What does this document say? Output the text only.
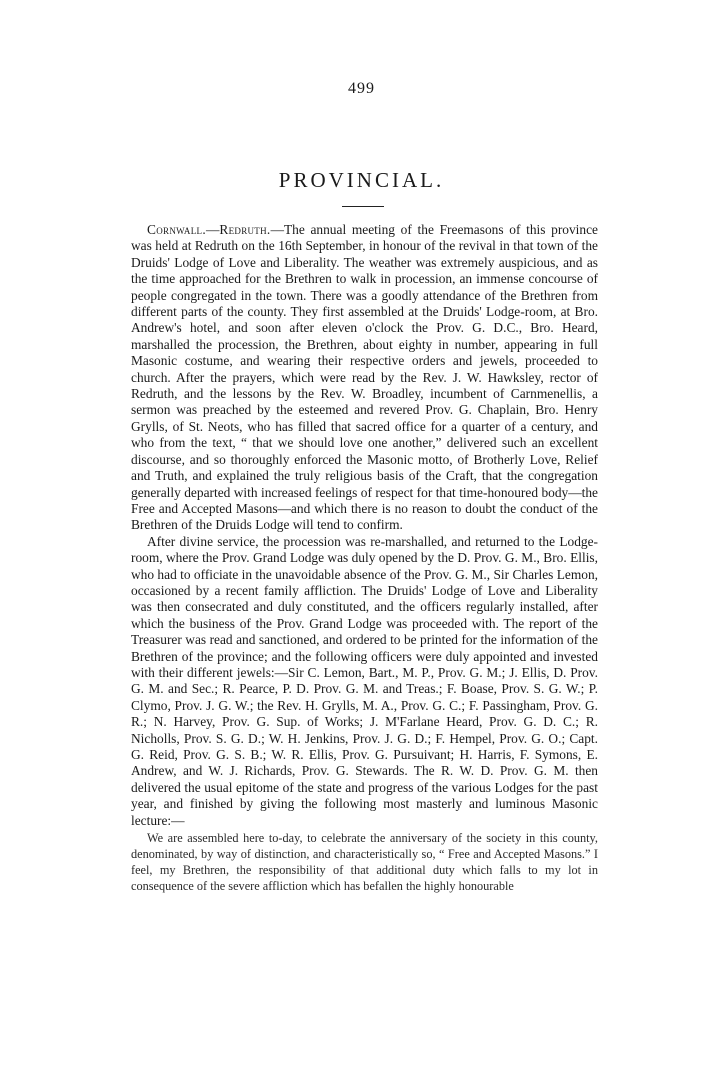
499
PROVINCIAL.

Cornwall.—Redruth.—The annual meeting of the Freemasons of this province was held at Redruth on the 16th September, in honour of the revival in that town of the Druids' Lodge of Love and Liberality. The weather was extremely auspicious, and as the time approached for the Brethren to walk in procession, an immense concourse of people congregated in the town. There was a goodly attendance of the Brethren from different parts of the county. They first assembled at the Druids' Lodge-room, at Bro. Andrew's hotel, and soon after eleven o'clock the Prov. G. D.C., Bro. Heard, marshalled the procession, the Brethren, about eighty in number, appearing in full Masonic costume, and wearing their respective orders and jewels, proceeded to church. After the prayers, which were read by the Rev. J. W. Hawksley, rector of Redruth, and the lessons by the Rev. W. Broadley, incumbent of Carnmenellis, a sermon was preached by the esteemed and revered Prov. G. Chaplain, Bro. Henry Grylls, of St. Neots, who has filled that sacred office for a quarter of a century, and who from the text, “ that we should love one another,” delivered such an excellent discourse, and so thoroughly enforced the Masonic motto, of Brotherly Love, Relief and Truth, and explained the truly religious basis of the Craft, that the congregation generally departed with increased feelings of respect for that time-honoured body—the Free and Accepted Masons—and which there is no reason to doubt the conduct of the Brethren of the Druids Lodge will tend to confirm.

After divine service, the procession was re-marshalled, and returned to the Lodge-room, where the Prov. Grand Lodge was duly opened by the D. Prov. G. M., Bro. Ellis, who had to officiate in the unavoidable absence of the Prov. G. M., Sir Charles Lemon, occasioned by a recent family affliction. The Druids' Lodge of Love and Liberality was then consecrated and duly constituted, and the officers regularly installed, after which the business of the Prov. Grand Lodge was proceeded with. The report of the Treasurer was read and sanctioned, and ordered to be printed for the information of the Brethren of the province; and the following officers were duly appointed and invested with their different jewels:—Sir C. Lemon, Bart., M. P., Prov. G. M.; J. Ellis, D. Prov. G. M. and Sec.; R. Pearce, P. D. Prov. G. M. and Treas.; F. Boase, Prov. S. G. W.; P. Clymo, Prov. J. G. W.; the Rev. H. Grylls, M. A., Prov. G. C.; F. Passingham, Prov. G. R.; N. Harvey, Prov. G. Sup. of Works; J. M'Farlane Heard, Prov. G. D. C.; R. Nicholls, Prov. S. G. D.; W. H. Jenkins, Prov. J. G. D.; F. Hempel, Prov. G. O.; Capt. G. Reid, Prov. G. S. B.; W. R. Ellis, Prov. G. Pursuivant; H. Harris, F. Symons, E. Andrew, and W. J. Richards, Prov. G. Stewards. The R. W. D. Prov. G. M. then delivered the usual epitome of the state and progress of the various Lodges for the past year, and finished by giving the following most masterly and luminous Masonic lecture:—

We are assembled here to-day, to celebrate the anniversary of the society in this county, denominated, by way of distinction, and characteristically so, “ Free and Accepted Masons.” I feel, my Brethren, the responsibility of that additional duty which falls to my lot in consequence of the severe affliction which has befallen the highly honourable
